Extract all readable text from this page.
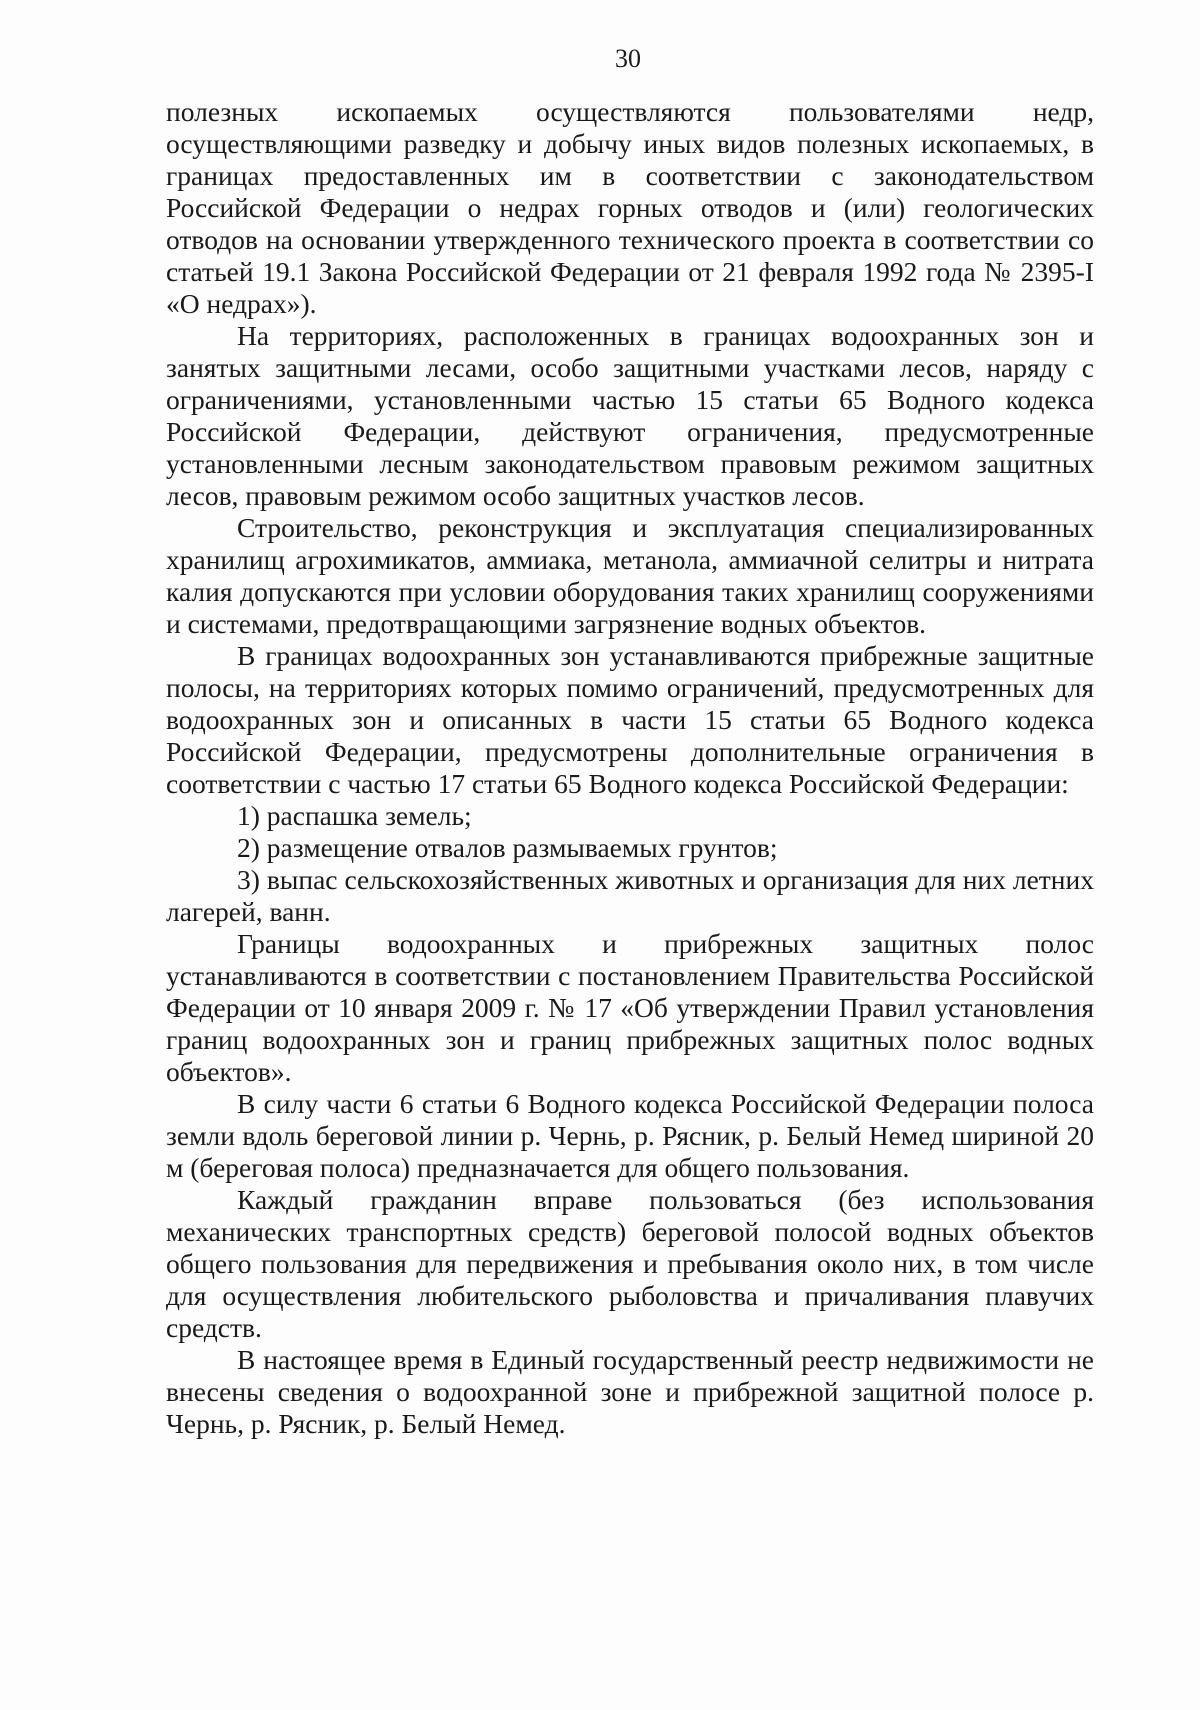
30

полезных ископаемых осуществляются пользователями недр, осуществляющими разведку и добычу иных видов полезных ископаемых, в границах предоставленных им в соответствии с законодательством Российской Федерации о недрах горных отводов и (или) геологических отводов на основании утвержденного технического проекта в соответствии со статьей 19.1 Закона Российской Федерации от 21 февраля 1992 года № 2395-I «О недрах»).

На территориях, расположенных в границах водоохранных зон и занятых защитными лесами, особо защитными участками лесов, наряду с ограничениями, установленными частью 15 статьи 65 Водного кодекса Российской Федерации, действуют ограничения, предусмотренные установленными лесным законодательством правовым режимом защитных лесов, правовым режимом особо защитных участков лесов.

Строительство, реконструкция и эксплуатация специализированных хранилищ агрохимикатов, аммиака, метанола, аммиачной селитры и нитрата калия допускаются при условии оборудования таких хранилищ сооружениями и системами, предотвращающими загрязнение водных объектов.

В границах водоохранных зон устанавливаются прибрежные защитные полосы, на территориях которых помимо ограничений, предусмотренных для водоохранных зон и описанных в части 15 статьи 65 Водного кодекса Российской Федерации, предусмотрены дополнительные ограничения в соответствии с частью 17 статьи 65 Водного кодекса Российской Федерации:

1) распашка земель;

2) размещение отвалов размываемых грунтов;

3) выпас сельскохозяйственных животных и организация для них летних лагерей, ванн.

Границы водоохранных и прибрежных защитных полос устанавливаются в соответствии с постановлением Правительства Российской Федерации от 10 января 2009 г. № 17 «Об утверждении Правил установления границ водоохранных зон и границ прибрежных защитных полос водных объектов».

В силу части 6 статьи 6 Водного кодекса Российской Федерации полоса земли вдоль береговой линии р. Чернь, р. Рясник, р. Белый Немед шириной 20 м (береговая полоса) предназначается для общего пользования.

Каждый гражданин вправе пользоваться (без использования механических транспортных средств) береговой полосой водных объектов общего пользования для передвижения и пребывания около них, в том числе для осуществления любительского рыболовства и причаливания плавучих средств.

В настоящее время в Единый государственный реестр недвижимости не внесены сведения о водоохранной зоне и прибрежной защитной полосе р. Чернь, р. Рясник, р. Белый Немед.
